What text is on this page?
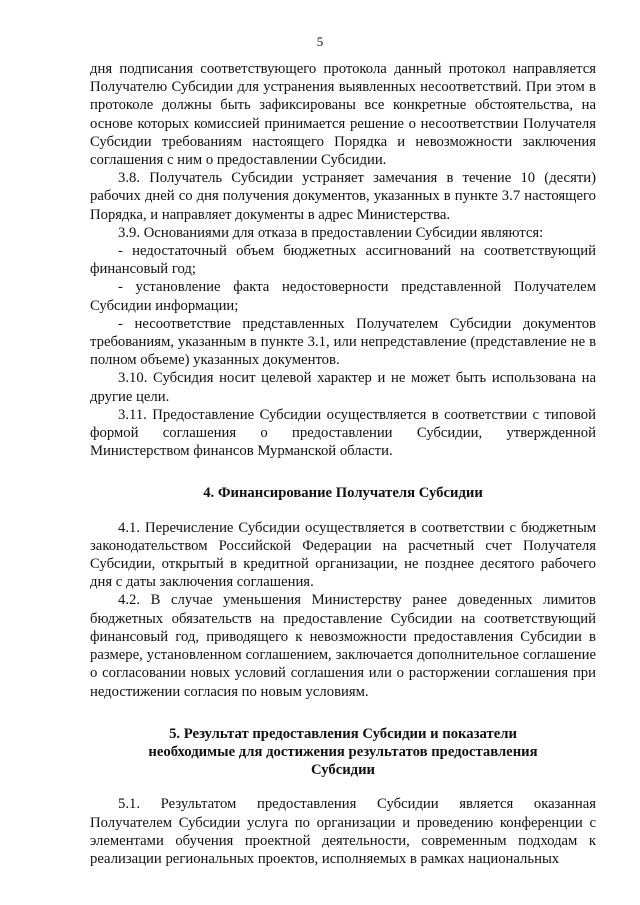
5

дня подписания соответствующего протокола данный протокол направляется Получателю Субсидии для устранения выявленных несоответствий. При этом в протоколе должны быть зафиксированы все конкретные обстоятельства, на основе которых комиссией принимается решение о несоответствии Получателя Субсидии требованиям настоящего Порядка и невозможности заключения соглашения с ним о предоставлении Субсидии.

3.8. Получатель Субсидии устраняет замечания в течение 10 (десяти) рабочих дней со дня получения документов, указанных в пункте 3.7 настоящего Порядка, и направляет документы в адрес Министерства.

3.9. Основаниями для отказа в предоставлении Субсидии являются:

- недостаточный объем бюджетных ассигнований на соответствующий финансовый год;

- установление факта недостоверности представленной Получателем Субсидии информации;

- несоответствие представленных Получателем Субсидии документов требованиям, указанным в пункте 3.1, или непредставление (представление не в полном объеме) указанных документов.

3.10. Субсидия носит целевой характер и не может быть использована на другие цели.

3.11. Предоставление Субсидии осуществляется в соответствии с типовой формой соглашения о предоставлении Субсидии, утвержденной Министерством финансов Мурманской области.

4. Финансирование Получателя Субсидии

4.1. Перечисление Субсидии осуществляется в соответствии с бюджетным законодательством Российской Федерации на расчетный счет Получателя Субсидии, открытый в кредитной организации, не позднее десятого рабочего дня с даты заключения соглашения.

4.2. В случае уменьшения Министерству ранее доведенных лимитов бюджетных обязательств на предоставление Субсидии на соответствующий финансовый год, приводящего к невозможности предоставления Субсидии в размере, установленном соглашением, заключается дополнительное соглашение о согласовании новых условий соглашения или о расторжении соглашения при недостижении согласия по новым условиям.

5. Результат предоставления Субсидии и показатели
необходимые для достижения результатов предоставления
Субсидии

5.1. Результатом предоставления Субсидии является оказанная Получателем Субсидии услуга по организации и проведению конференции с элементами обучения проектной деятельности, современным подходам к реализации региональных проектов, исполняемых в рамках национальных
